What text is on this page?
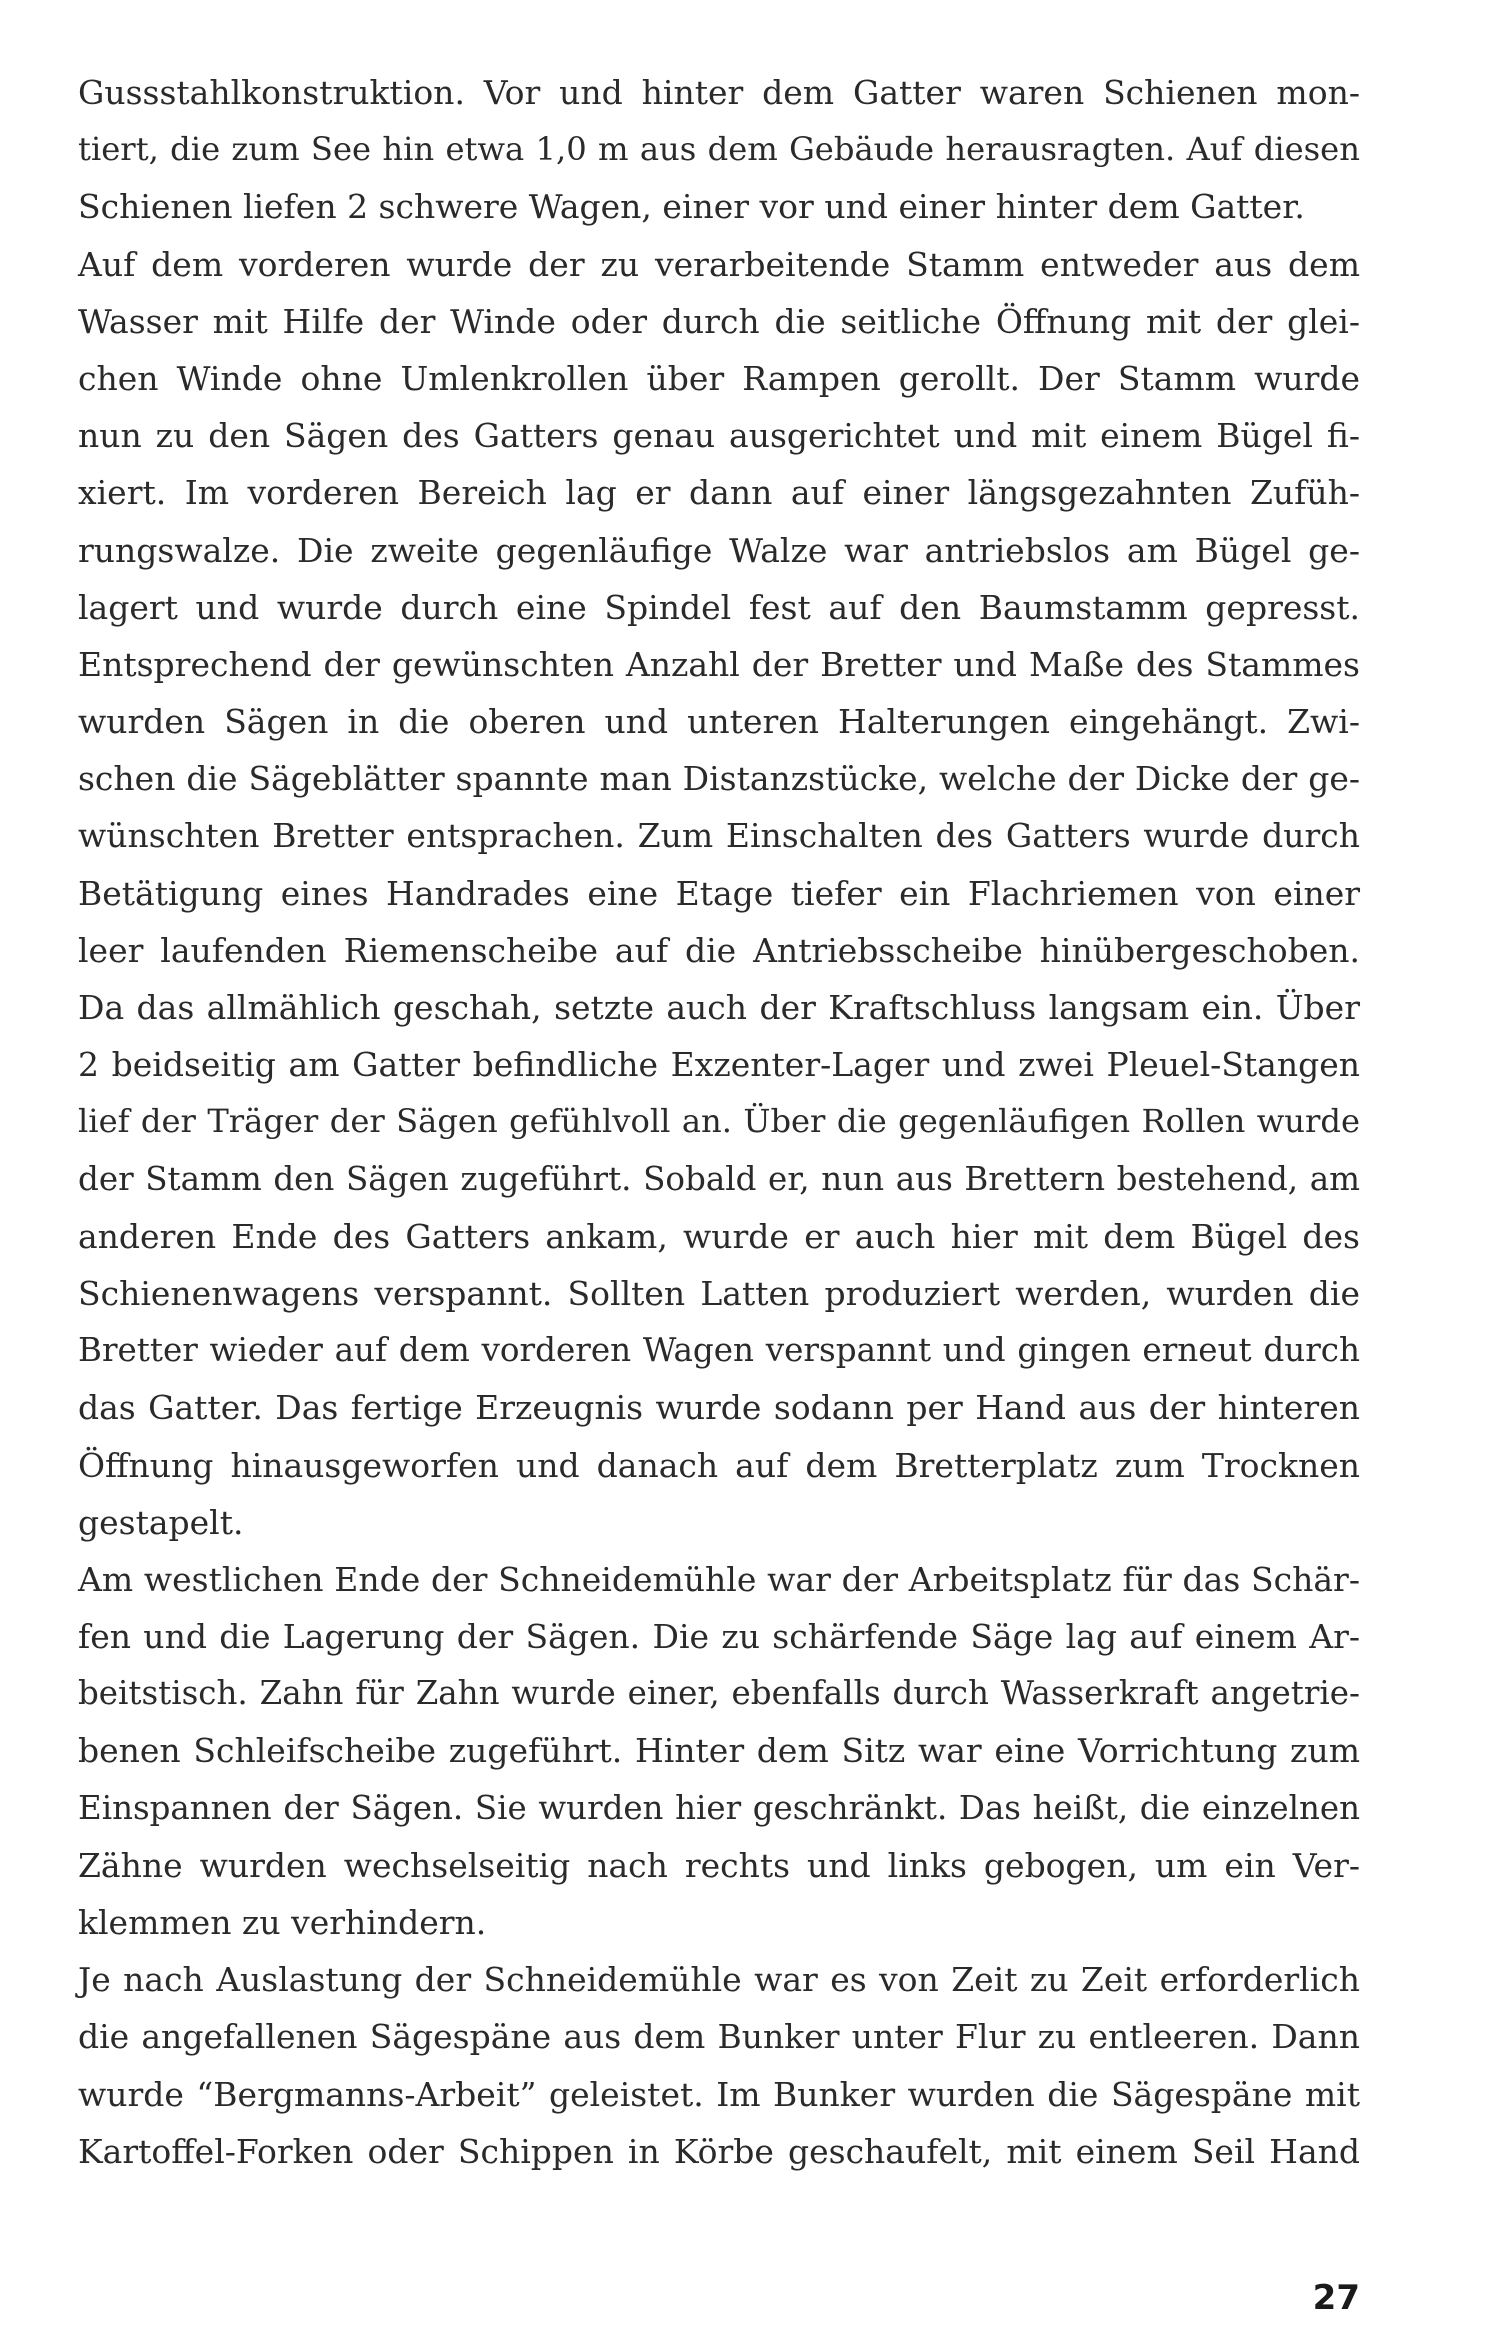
Gussstahlkonstruktion. Vor und hinter dem Gatter waren Schienen mon-
tiert, die zum See hin etwa 1,0 m aus dem Gebäude herausragten. Auf diesen
Schienen liefen 2 schwere Wagen, einer vor und einer hinter dem Gatter.
Auf dem vorderen wurde der zu verarbeitende Stamm entweder aus dem
Wasser mit Hilfe der Winde oder durch die seitliche Öffnung mit der glei-
chen Winde ohne Umlenkrollen über Rampen gerollt. Der Stamm wurde
nun zu den Sägen des Gatters genau ausgerichtet und mit einem Bügel fi-
xiert. Im vorderen Bereich lag er dann auf einer längsgezahnten Zufüh-
rungswalze. Die zweite gegenläufige Walze war antriebslos am Bügel ge-
lagert und wurde durch eine Spindel fest auf den Baumstamm gepresst.
Entsprechend der gewünschten Anzahl der Bretter und Maße des Stammes
wurden Sägen in die oberen und unteren Halterungen eingehängt. Zwi-
schen die Sägeblätter spannte man Distanzstücke, welche der Dicke der ge-
wünschten Bretter entsprachen. Zum Einschalten des Gatters wurde durch
Betätigung eines Handrades eine Etage tiefer ein Flachriemen von einer
leer laufenden Riemenscheibe auf die Antriebsscheibe hinübergeschoben.
Da das allmählich geschah, setzte auch der Kraftschluss langsam ein. Über
2 beidseitig am Gatter befindliche Exzenter-Lager und zwei Pleuel-Stangen
lief der Träger der Sägen gefühlvoll an. Über die gegenläufigen Rollen wurde
der Stamm den Sägen zugeführt. Sobald er, nun aus Brettern bestehend, am
anderen Ende des Gatters ankam, wurde er auch hier mit dem Bügel des
Schienenwagens verspannt. Sollten Latten produziert werden, wurden die
Bretter wieder auf dem vorderen Wagen verspannt und gingen erneut durch
das Gatter. Das fertige Erzeugnis wurde sodann per Hand aus der hinteren
Öffnung hinausgeworfen und danach auf dem Bretterplatz zum Trocknen
gestapelt.
Am westlichen Ende der Schneidemühle war der Arbeitsplatz für das Schär-
fen und die Lagerung der Sägen. Die zu schärfende Säge lag auf einem Ar-
beitstisch. Zahn für Zahn wurde einer, ebenfalls durch Wasserkraft angetrie-
benen Schleifscheibe zugeführt. Hinter dem Sitz war eine Vorrichtung zum
Einspannen der Sägen. Sie wurden hier geschränkt. Das heißt, die einzelnen
Zähne wurden wechselseitig nach rechts und links gebogen, um ein Ver-
klemmen zu verhindern.
Je nach Auslastung der Schneidemühle war es von Zeit zu Zeit erforderlich
die angefallenen Sägespäne aus dem Bunker unter Flur zu entleeren. Dann
wurde “Bergmanns-Arbeit” geleistet. Im Bunker wurden die Sägespäne mit
Kartoffel-Forken oder Schippen in Körbe geschaufelt, mit einem Seil Hand
27
